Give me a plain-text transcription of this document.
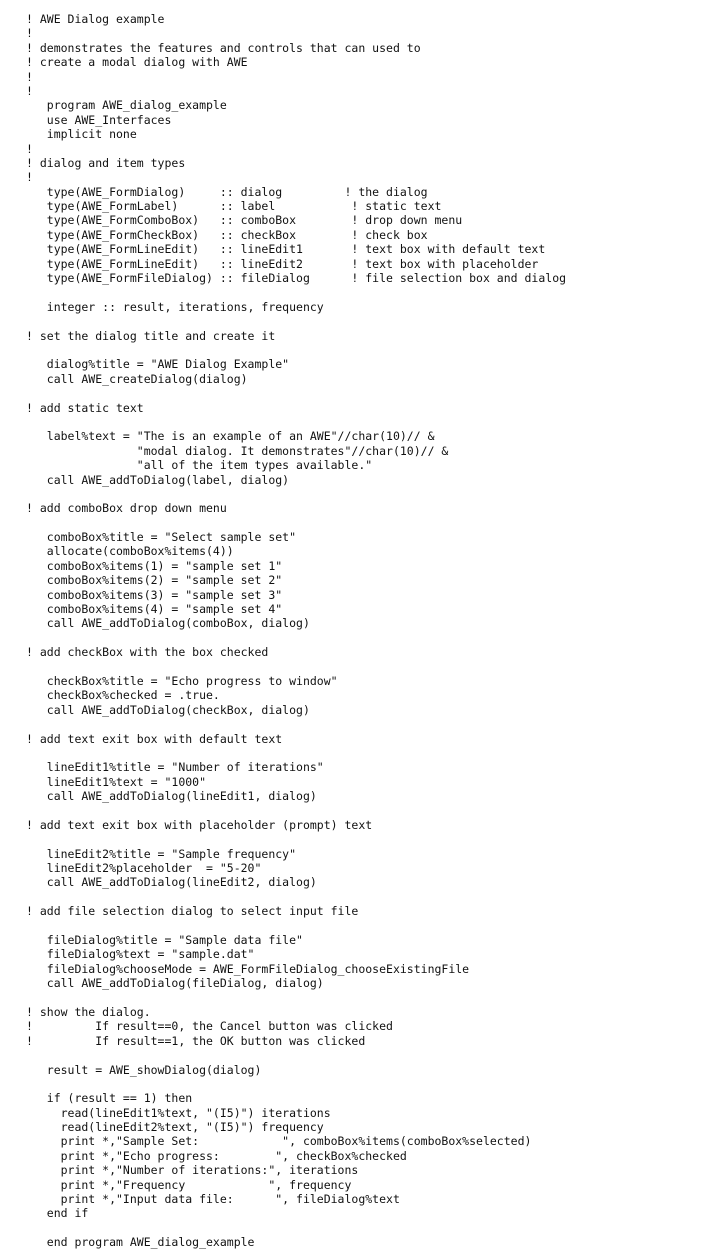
! AWE Dialog example
!
! demonstrates the features and controls that can used to
! create a modal dialog with AWE
!
!
program AWE_dialog_example
use AWE_Interfaces
implicit none
!
! dialog and item types
!
type(AWE_FormDialog)     :: dialog         ! the dialog
type(AWE_FormLabel)      :: label           ! static text
type(AWE_FormComboBox)   :: comboBox        ! drop down menu
type(AWE_FormCheckBox)   :: checkBox        ! check box
type(AWE_FormLineEdit)   :: lineEdit1       ! text box with default text
type(AWE_FormLineEdit)   :: lineEdit2       ! text box with placeholder
type(AWE_FormFileDialog) :: fileDialog      ! file selection box and dialog
integer :: result, iterations, frequency
! set the dialog title and create it
dialog%title = "AWE Dialog Example"
call AWE_createDialog(dialog)
! add static text
label%text = "The is an example of an AWE"//char(10)// &
"modal dialog. It demonstrates"//char(10)// &
"all of the item types available."
call AWE_addToDialog(label, dialog)
! add comboBox drop down menu
comboBox%title = "Select sample set"
allocate(comboBox%items(4))
comboBox%items(1) = "sample set 1"
comboBox%items(2) = "sample set 2"
comboBox%items(3) = "sample set 3"
comboBox%items(4) = "sample set 4"
call AWE_addToDialog(comboBox, dialog)
! add checkBox with the box checked
checkBox%title = "Echo progress to window"
checkBox%checked = .true.
call AWE_addToDialog(checkBox, dialog)
! add text exit box with default text
lineEdit1%title = "Number of iterations"
lineEdit1%text = "1000"
call AWE_addToDialog(lineEdit1, dialog)
! add text exit box with placeholder (prompt) text
lineEdit2%title = "Sample frequency"
lineEdit2%placeholder  = "5-20"
call AWE_addToDialog(lineEdit2, dialog)
! add file selection dialog to select input file
fileDialog%title = "Sample data file"
fileDialog%text = "sample.dat"
fileDialog%chooseMode = AWE_FormFileDialog_chooseExistingFile
call AWE_addToDialog(fileDialog, dialog)
! show the dialog.
!         If result==0, the Cancel button was clicked
!         If result==1, the OK button was clicked
result = AWE_showDialog(dialog)
if (result == 1) then
read(lineEdit1%text, "(I5)") iterations
read(lineEdit2%text, "(I5)") frequency
print *,"Sample Set:            ", comboBox%items(comboBox%selected)
print *,"Echo progress:        ", checkBox%checked
print *,"Number of iterations:", iterations
print *,"Frequency            ", frequency
print *,"Input data file:      ", fileDialog%text
end if
end program AWE_dialog_example
